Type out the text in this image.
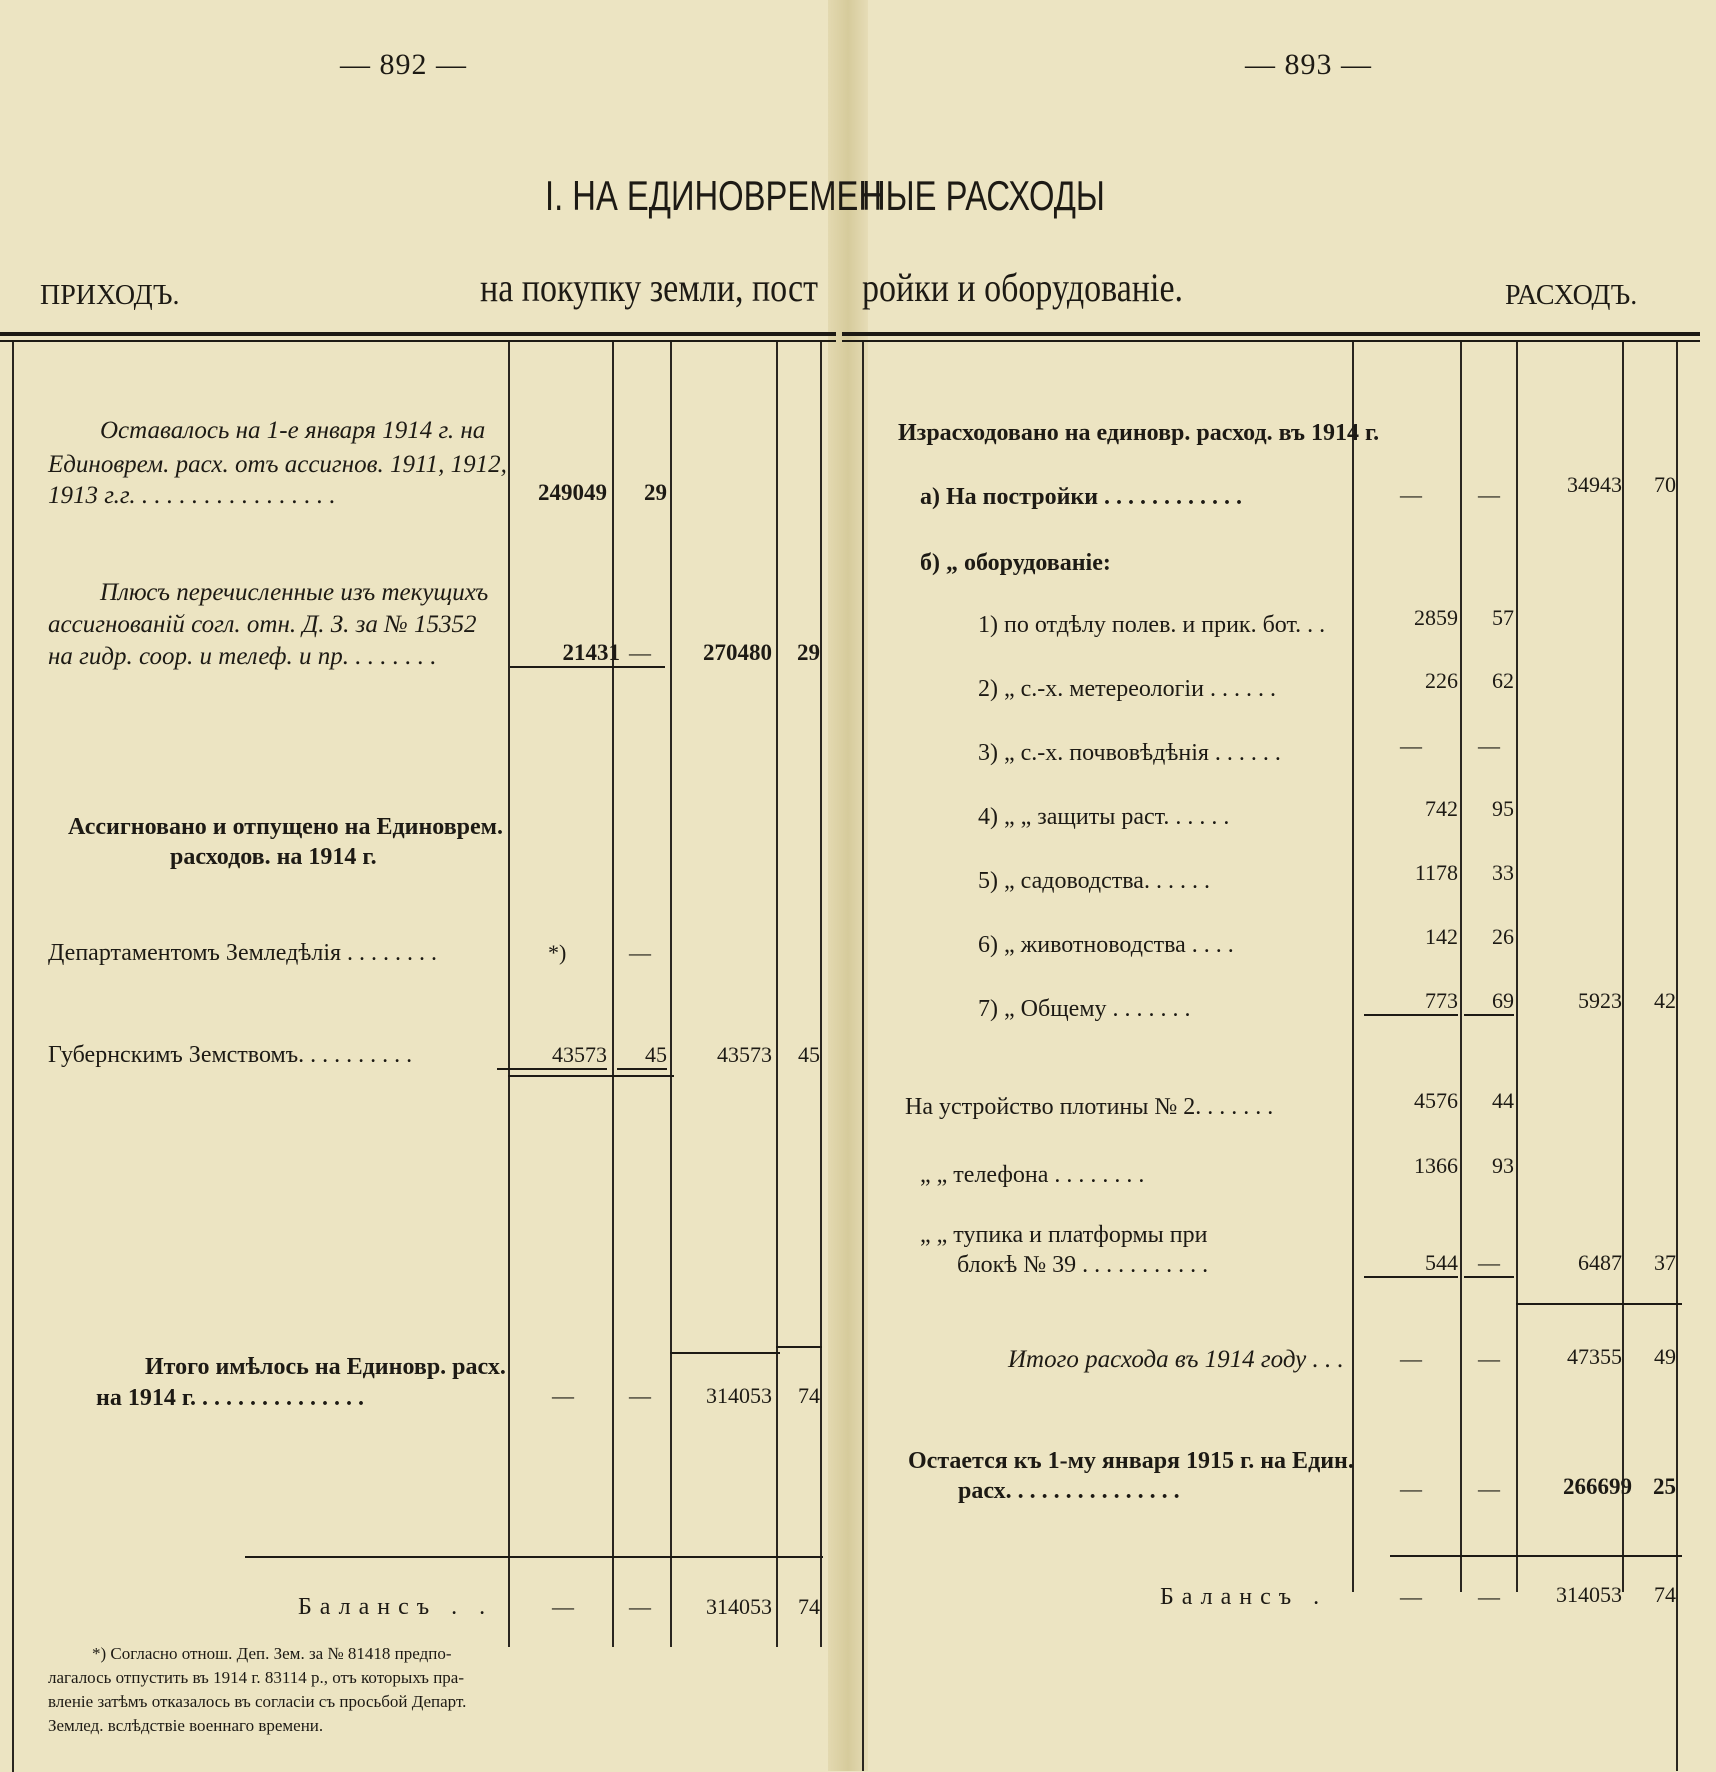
— 892 —	— 893 —
I. НА ЕДИНОВРЕМЕН
НЫЕ РАСХОДЫ
на покупку земли, пост ройки и оборудованіе.
ПРИХОДЪ.	РАСХОДЪ.
Оставалось на 1-е января 1914 г. на
Единоврем. расх. отъ ассигнов. 1911, 1912,
1913 г.г. . . . . . . . . . . . . . . . .	249049	29
Плюсъ перечисленные изъ текущихъ
ассигнованій согл. отн. Д. З. за № 15352
на гидр. соор. и телеф. и пр. . . . . . . .	21431 —	270480	29
Ассигновано и отпущено на Единоврем.
расходов. на 1914 г.
Департаментомъ Земледѣлія . . . . . . . .	*)	—
Губернскимъ Земствомъ. . . . . . . . . .	43573	45	43573	45
Итого имѣлось на Единовр. расх.
на 1914 г. . . . . . . . . . . . . . .	—	—	314053	74
Балансъ . .	—	—	314053	74
*) Согласно отнош. Деп. Зем. за № 81418 предпо-
лагалось отпустить въ 1914 г. 83114 р., отъ которыхъ пра-
вленіе затѣмъ отказалось въ согласіи съ просьбой Департ.
Землед. вслѣдствіе военнаго времени.
Израсходовано на единовр. расход. въ 1914 г.
а) На постройки . . . . . . . . . . . .	—	—	34943	70
б) „ оборудованіе:
1) по отдѣлу полев. и прик. бот. . .	2859	57
2) „ с.-х. метереологіи . . . . . .	226	62
3) „ с.-х. почвовѣдѣнія . . . . . .	—	—
4) „ „ защиты раст. . . . . .	742	95
5) „ садоводства. . . . . .	1178	33
6) „ животноводства . . . .	142	26
7) „ Общему . . . . . . .	773	69	5923	42
На устройство плотины № 2. . . . . . .	4576	44
„ „ телефона . . . . . . . .	1366	93
„ „ тупика и платформы при
блокѣ № 39 . . . . . . . . . . .	544 —	6487	37
Итого расхода въ 1914 году . . .	—	—	47355	49
Остается къ 1-му января 1915 г. на Един.
расх. . . . . . . . . . . . . . .	—	—	266699 25
Балансъ .	—	—	314053	74
